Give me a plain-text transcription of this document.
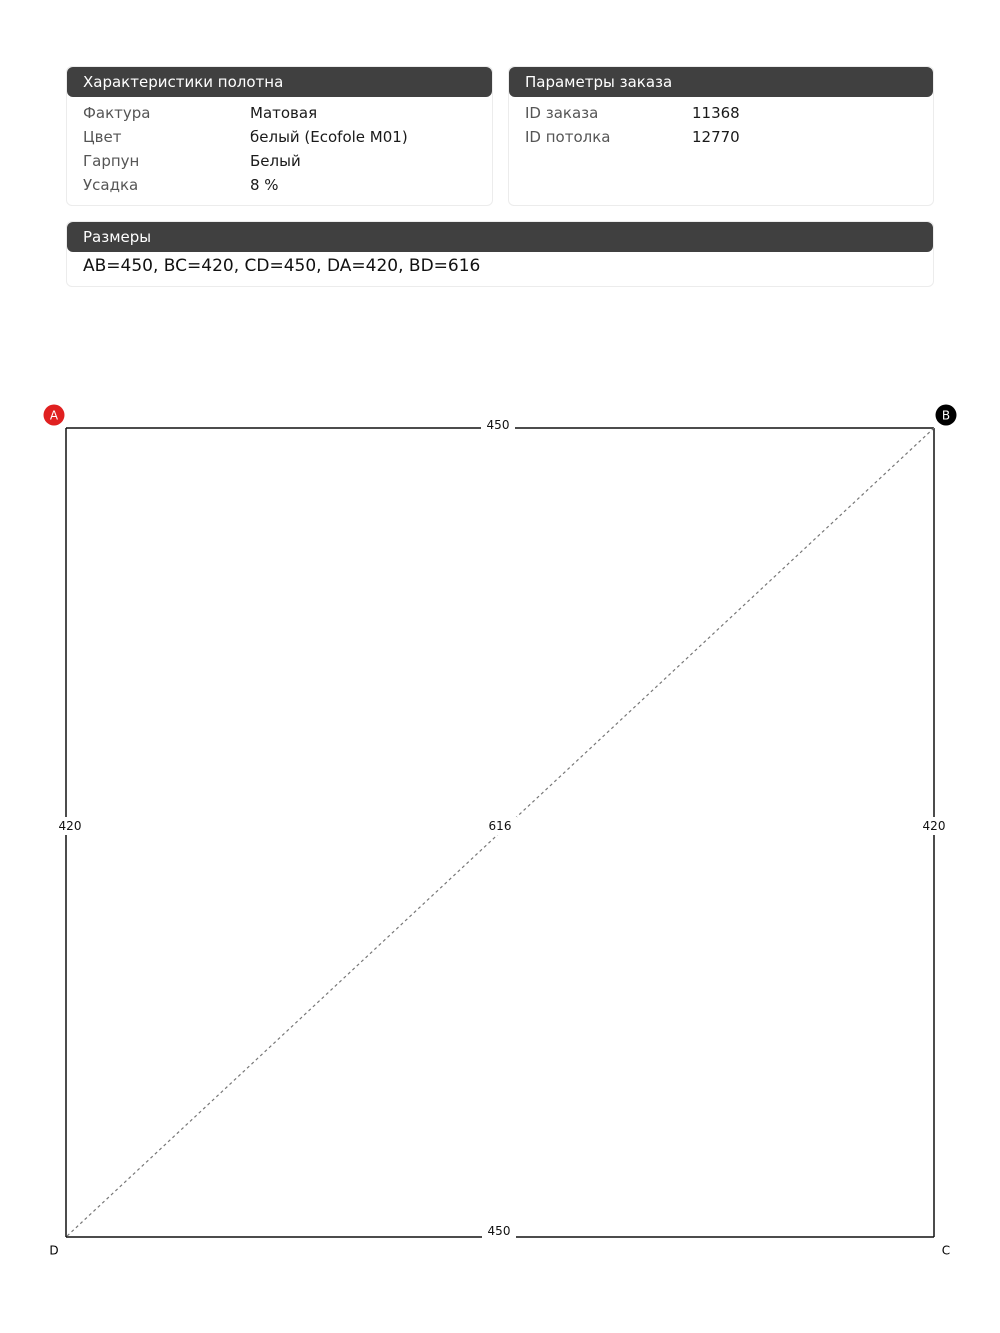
Характеристики полотна
Фактура	Матовая
Цвет	белый (Ecofole M01)
Гарпун	Белый
Усадка	8 %
Параметры заказа
ID заказа	11368
ID потолка	12770
Размеры
AB=450, BC=420, CD=450, DA=420, BD=616
450
420
450
420	616
A	B
C
D
